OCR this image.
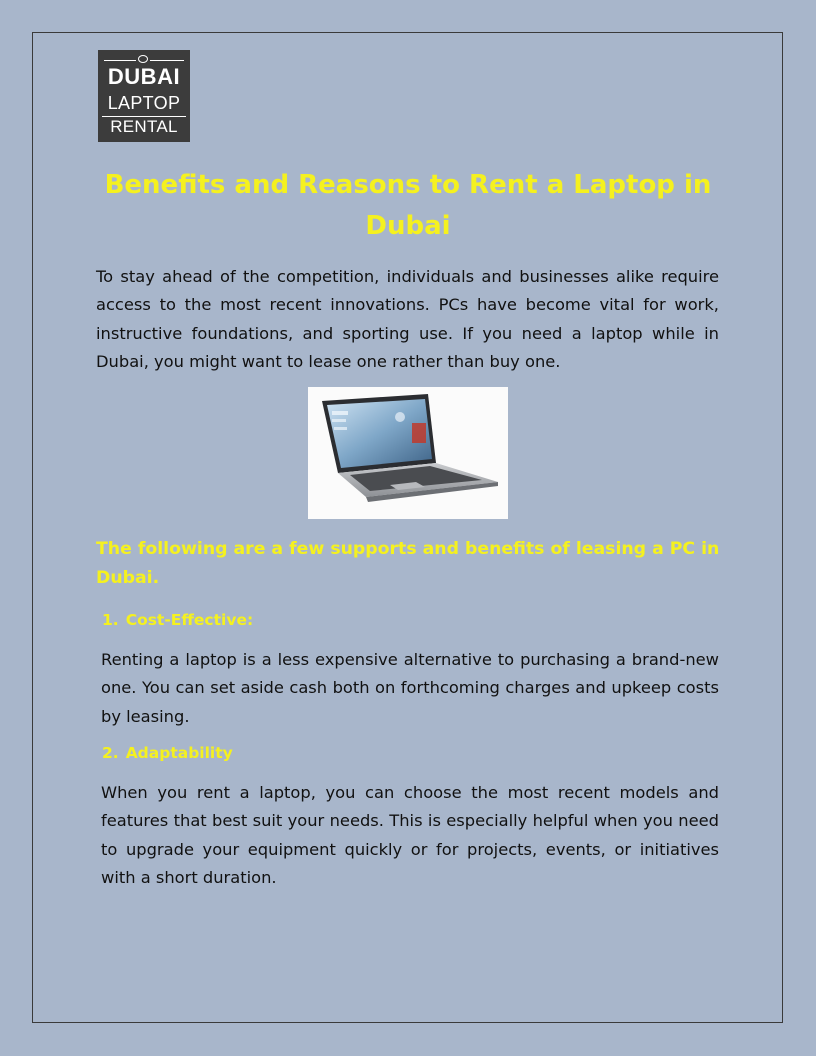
DUBAI
LAPTOP
RENTAL
Benefits and Reasons to Rent a Laptop in Dubai

To stay ahead of the competition, individuals and businesses alike require access to the most recent innovations. PCs have become vital for work, instructive foundations, and sporting use. If you need a laptop while in Dubai, you might want to lease one rather than buy one.

The following are a few supports and benefits of leasing a PC in Dubai.
1. Cost-Effective:

Renting a laptop is a less expensive alternative to purchasing a brand-new one. You can set aside cash both on forthcoming charges and upkeep costs by leasing.

2. Adaptability

When you rent a laptop, you can choose the most recent models and features that best suit your needs. This is especially helpful when you need to upgrade your equipment quickly or for projects, events, or initiatives with a short duration.
